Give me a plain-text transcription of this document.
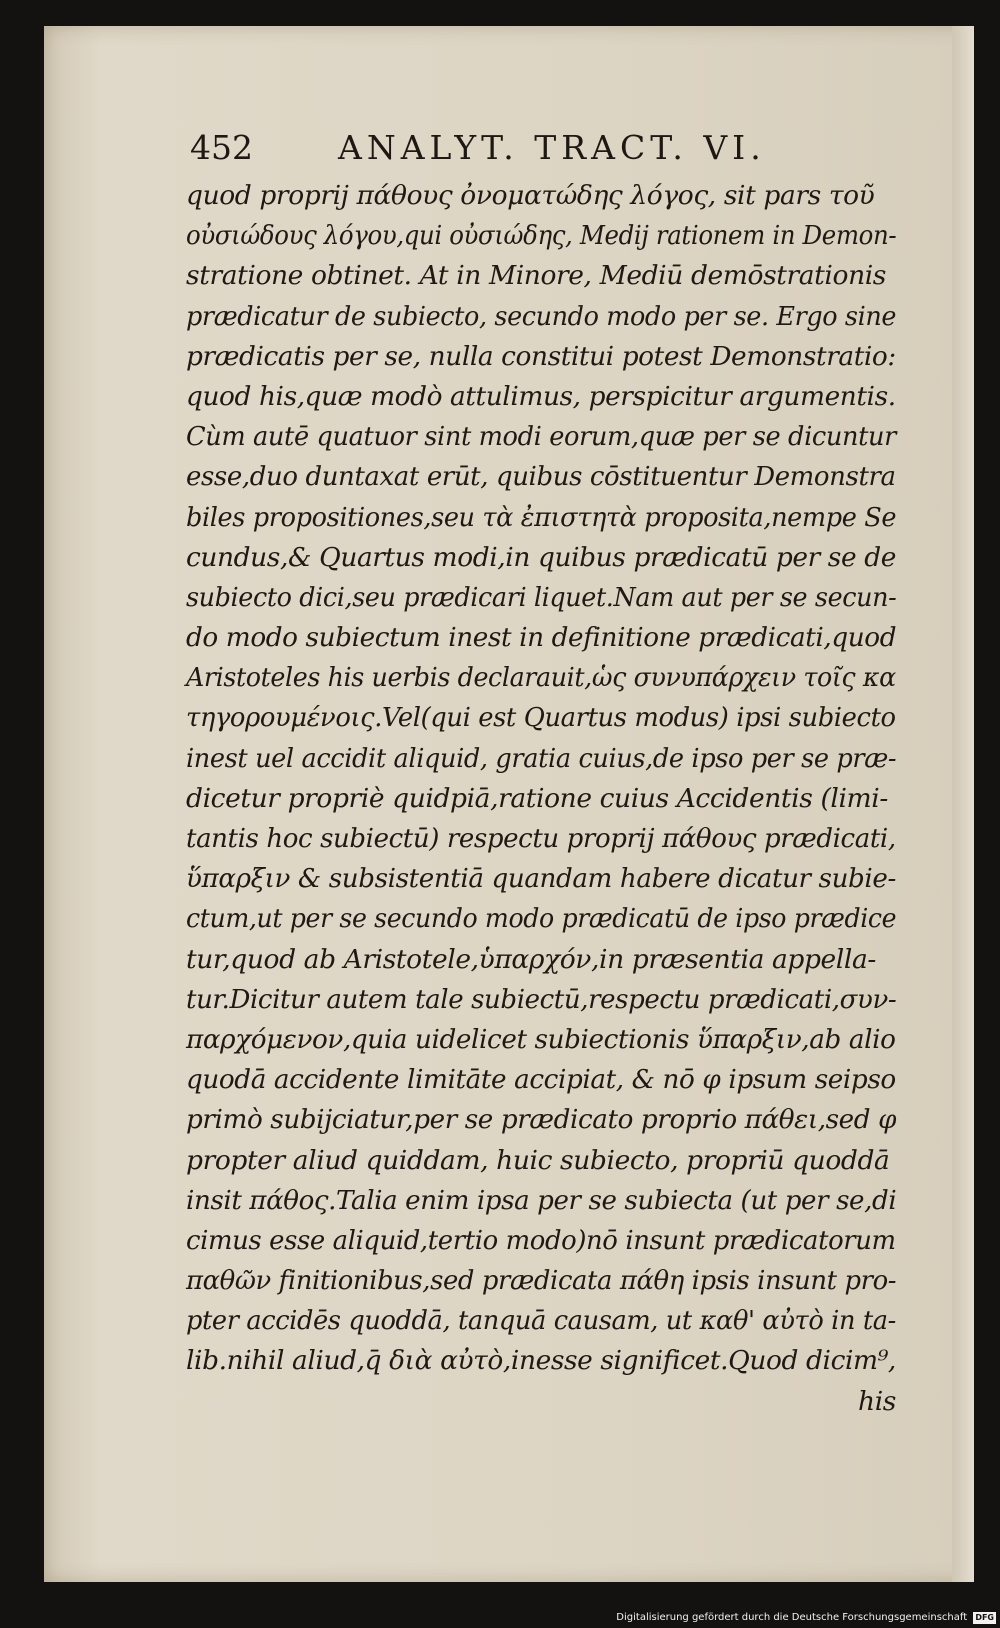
452	ANALYT. TRACT. VI.
quod proprij πάθους ὀνοματώδης λόγος, sit pars τοῦ
οὐσιώδους λόγου,qui οὐσιώδης, Medij rationem in Demon-
stratione obtinet. At in Minore, Mediū demōstrationis
prædicatur de subiecto, secundo modo per se. Ergo sine
prædicatis per se, nulla constitui potest Demonstratio:
quod his,quæ modò attulimus, perspicitur argumentis.
Cùm autē quatuor sint modi eorum,quæ per se dicuntur
esse,duo duntaxat erūt, quibus cōstituentur Demonstra
biles propositiones,seu τὰ ἐπιστητὰ proposita,nempe Se
cundus,& Quartus modi,in quibus prædicatū per se de
subiecto dici,seu prædicari liquet.Nam aut per se secun-
do modo subiectum inest in definitione prædicati,quod
Aristoteles his uerbis declarauit,ὡς συνυπάρχειν τοῖς κα
τηγορουμένοις.Vel(qui est Quartus modus) ipsi subiecto
inest uel accidit aliquid, gratia cuius,de ipso per se præ-
dicetur propriè quidpiā,ratione cuius Accidentis (limi-
tantis hoc subiectū) respectu proprij πάθους prædicati,
ὕπαρξιν & subsistentiā quandam habere dicatur subie-
ctum,ut per se secundo modo prædicatū de ipso prædice
tur,quod ab Aristotele,ὑπαρχόν,in præsentia appella-
tur.Dicitur autem tale subiectū,respectu prædicati,συν-
παρχόμενον,quia uidelicet subiectionis ὕπαρξιν,ab alio
quodā accidente limitāte accipiat, & nō φ ipsum seipso
primò subijciatur,per se prædicato proprio πάθει,sed φ
propter aliud quiddam, huic subiecto, propriū quoddā
insit πάθος.Talia enim ipsa per se subiecta (ut per se,di
cimus esse aliquid,tertio modo)nō insunt prædicatorum
παθῶν finitionibus,sed prædicata πάθη ipsis insunt pro-
pter accidēs quoddā, tanquā causam, ut καθ' αὐτὸ in ta-
lib.nihil aliud,q̄ διὰ αὐτὸ,inesse significet.Quod dicim⁹,
his
Digitalisierung gefördert durch die Deutsche Forschungsgemeinschaft DFG
